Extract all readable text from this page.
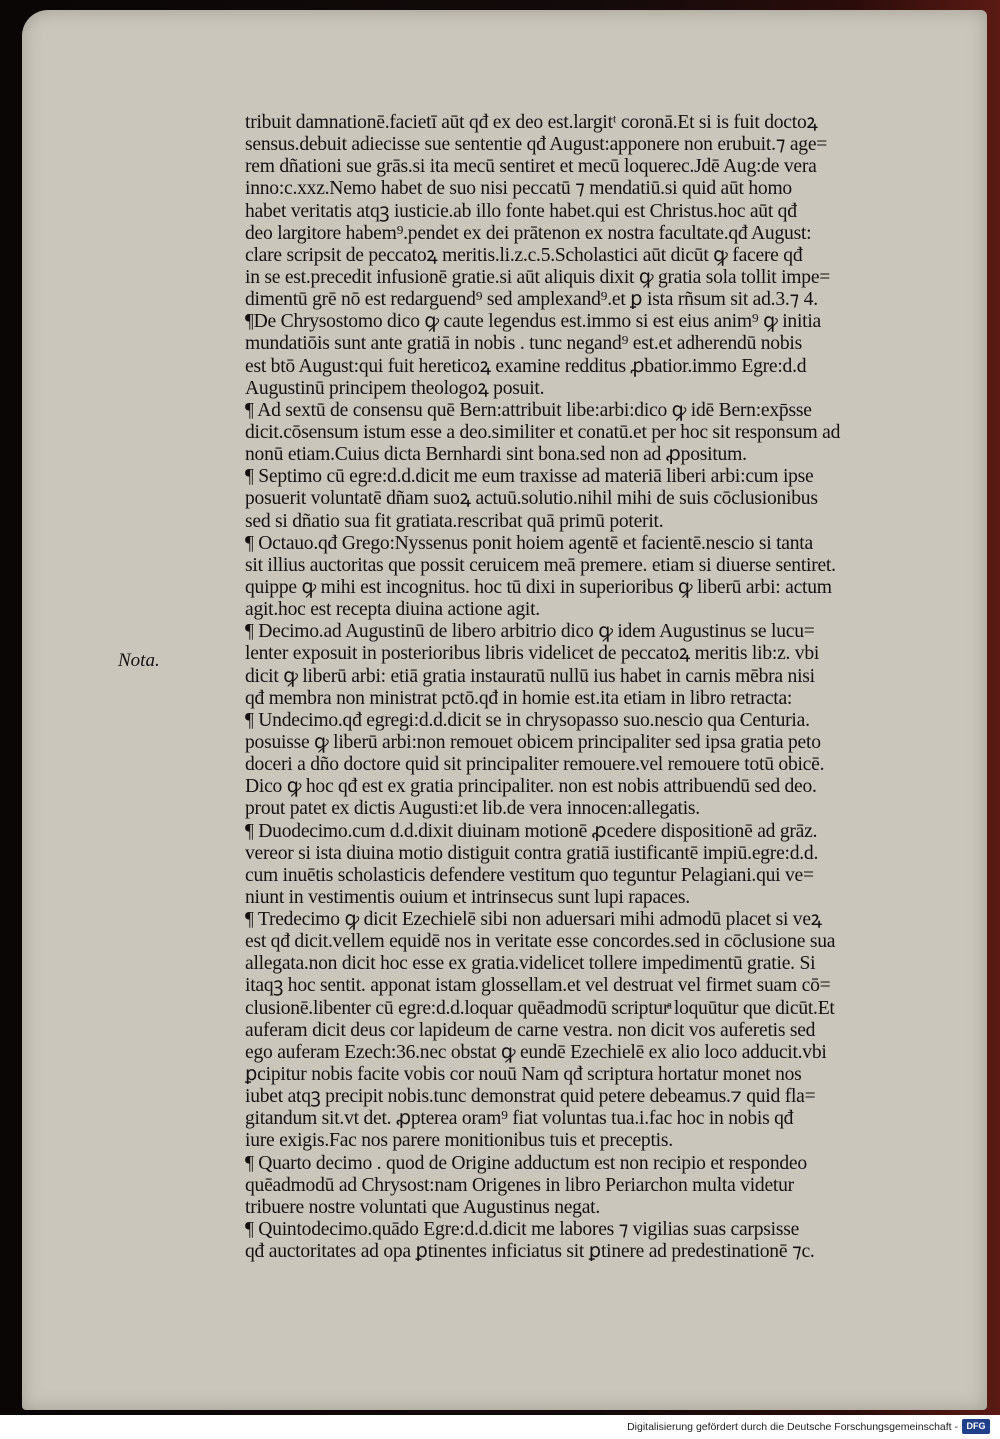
Nota.
tribuit damnationē.facietī aūt qđ ex deo est.largitᵗ coronā.Et si is fuit doctoꝝ
sensus.debuit adiecisse sue sententie qđ August:apponere non erubuit.⁊ age=
rem dñationi sue grās.si ita mecū sentiret et mecū loquerec.Jdē Aug:de vera
inno:c.xxz.Nemo habet de suo nisi peccatū ⁊ mendatiū.si quid aūt homo
habet veritatis atqꝫ iusticie.ab illo fonte habet.qui est Christus.hoc aūt qđ
deo largitore habem⁹.pendet ex dei prātenon ex nostra facultate.qđ August:
clare scripsit de peccatoꝝ meritis.li.z.c.5.Scholastici aūt dicūt ꝙ facere qđ
in se est.precedit infusionē gratie.si aūt aliquis dixit ꝙ gratia sola tollit impe=
dimentū grē nō est redarguend⁹ sed amplexand⁹.et ꝑ ista rñsum sit ad.3.⁊ 4.
¶De Chrysostomo dico ꝙ caute legendus est.immo si est eius anim⁹ ꝙ initia
mundatiōis sunt ante gratiā in nobis . tunc negand⁹ est.et adherendū nobis
est btō August:qui fuit hereticoꝝ examine redditus ꝓbatior.immo Egre:d.d
Augustinū principem theologoꝝ posuit.
¶ Ad sextū de consensu quē Bern:attribuit libe:arbi:dico ꝙ idē Bern:exp̄sse
dicit.cōsensum istum esse a deo.similiter et conatū.et per hoc sit responsum ad
nonū etiam.Cuius dicta Bernhardi sint bona.sed non ad ꝓpositum.
¶ Septimo cū egre:d.d.dicit me eum traxisse ad materiā liberi arbi:cum ipse
posuerit voluntatē dñam suoꝝ actuū.solutio.nihil mihi de suis cōclusionibus
sed si dñatio sua fit gratiata.rescribat quā primū poterit.
¶ Octauo.qđ Grego:Nyssenus ponit hoiem agentē et facientē.nescio si tanta
sit illius auctoritas que possit ceruicem meā premere. etiam si diuerse sentiret.
quippe ꝙ mihi est incognitus. hoc tū dixi in superioribus ꝙ liberū arbi: actum
agit.hoc est recepta diuina actione agit.
¶ Decimo.ad Augustinū de libero arbitrio dico ꝙ idem Augustinus se lucu=
lenter exposuit in posterioribus libris videlicet de peccatoꝝ meritis lib:z. vbi
dicit ꝙ liberū arbi: etiā gratia instauratū nullū ius habet in carnis mēbra nisi
qđ membra non ministrat pctō.qđ in homie est.ita etiam in libro retracta:
¶ Undecimo.qđ egregi:d.d.dicit se in chrysopasso suo.nescio qua Centuria.
posuisse ꝙ liberū arbi:non remouet obicem principaliter sed ipsa gratia peto
doceri a dño doctore quid sit principaliter remouere.vel remouere totū obicē.
Dico ꝙ hoc qđ est ex gratia principaliter. non est nobis attribuendū sed deo.
prout patet ex dictis Augusti:et lib.de vera innocen:allegatis.
¶ Duodecimo.cum d.d.dixit diuinam motionē ꝓcedere dispositionē ad grāz.
vereor si ista diuina motio distiguit contra gratiā iustificantē impiū.egre:d.d.
cum inuētis scholasticis defendere vestitum quo teguntur Pelagiani.qui ve=
niunt in vestimentis ouium et intrinsecus sunt lupi rapaces.
¶ Tredecimo ꝙ dicit Ezechielē sibi non aduersari mihi admodū placet si veꝝ
est qđ dicit.vellem equidē nos in veritate esse concordes.sed in cōclusione sua
allegata.non dicit hoc esse ex gratia.videlicet tollere impedimentū gratie. Si
itaqꝫ hoc sentit. apponat istam glossellam.et vel destruat vel firmet suam cō=
clusionē.libenter cū egre:d.d.loquar quēadmodū scripturͣ loquūtur que dicūt.Et
auferam dicit deus cor lapideum de carne vestra. non dicit vos auferetis sed
ego auferam Ezech:36.nec obstat ꝙ eundē Ezechielē ex alio loco adducit.vbi
ꝑcipitur nobis facite vobis cor nouū Nam qđ scriptura hortatur monet nos
iubet atqꝫ precipit nobis.tunc demonstrat quid petere debeamus.⁊ quid fla=
gitandum sit.vt det. ꝓpterea oram⁹ fiat voluntas tua.i.fac hoc in nobis qđ
iure exigis.Fac nos parere monitionibus tuis et preceptis.
¶ Quarto decimo . quod de Origine adductum est non recipio et respondeo
quēadmodū ad Chrysost:nam Origenes in libro Periarchon multa videtur
tribuere nostre voluntati que Augustinus negat.
¶ Quintodecimo.quādo Egre:d.d.dicit me labores ⁊ vigilias suas carpsisse
qđ auctoritates ad opa ꝑtinentes inficiatus sit ꝑtinere ad predestinationē ⁊c.
Digitalisierung gefördert durch die Deutsche Forschungsgemeinschaft - DFG
